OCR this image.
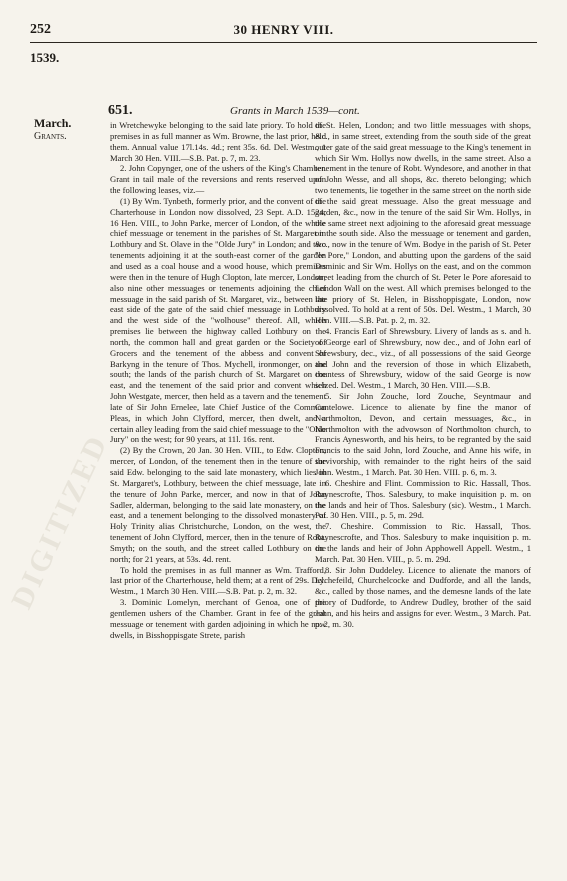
DIGITIZED
252	30 HENRY VIII.
1539.
March.
Grants.
651.	Grants in March 1539—cont.

in Wretchewyke belonging to the said late priory. To hold the premises in as full manner as Wm. Browne, the last prior, held them. Annual value 17l.14s. 4d.; rent 35s. 6d. Del. Westm., 1 March 30 Hen. VIII.—S.B. Pat. p. 7, m. 23.

2. John Copynger, one of the ushers of the King's Chamber. Grant in tail male of the reversions and rents reserved upon the following leases, viz.—

(1) By Wm. Tynbeth, formerly prior, and the convent of the Charterhouse in London now dissolved, 23 Sept. A.D. 1524, 16 Hen. VIII., to John Parke, mercer of London, of the whole chief messuage or tenement in the parishes of St. Margaret in Lothbury and St. Olave in the "Olde Jury" in London; and two tenements adjoining it at the south-east corner of the garden and used as a coal house and a wood house, which premises were then in the tenure of Hugh Clopton, late mercer, London; also nine other messuages or tenements adjoining the chief messuage in the said parish of St. Margaret, viz., between the east side of the gate of the said chief messuage in Lothbury and the west side of the "wolhouse" thereof. All, which premises lie between the highway called Lothbury on the north, the common hall and great garden or the Society of Grocers and the tenement of the abbess and convent of Barkyng in the tenure of Thos. Mychell, ironmonger, on the south; the lands of the parish church of St. Margaret on the east, and the tenement of the said prior and convent which John Westgate, mercer, then held as a tavern and the tenement late of Sir John Ernelee, late Chief Justice of the Common Pleas, in which John Clyfford, mercer, then dwelt, and a certain alley leading from the said chief messuage to the "Olde Jury" on the west; for 90 years, at 11l. 16s. rent.

(2) By the Crown, 20 Jan. 30 Hen. VIII., to Edw. Clopton, mercer, of London, of the tenement then in the tenure of the said Edw. belonging to the said late monastery, which lies in St. Margaret's, Lothbury, between the chief messuage, late in the tenure of John Parke, mercer, and now in that of John Sadler, alderman, belonging to the said late monastery, on the east, and a tenement belonging to the dissolved monastery of Holy Trinity alias Christchurche, London, on the west, the tenement of John Clyfford, mercer, then in the tenure of Robt. Smyth; on the south, and the street called Lothbury on the north; for 21 years, at 53s. 4d. rent.

To hold the premises in as full manner as Wm. Trafford, last prior of the Charterhouse, held them; at a rent of 29s. Del. Westm., 1 March 30 Hen. VIII.—S.B. Pat. p. 2, m. 32.

3. Dominic Lomelyn, merchant of Genoa, one of the gentlemen ushers of the Chamber. Grant in fee of the great messuage or tenement with garden adjoining in which he now dwells, in Bisshoppisgate Strete, parish

of St. Helen, London; and two little messuages with shops, &c., in same street, extending from the south side of the great outer gate of the said great messuage to the King's tenement in which Sir Wm. Hollys now dwells, in the same street. Also a tenement in the tenure of Robt. Wyndesore, and another in that of John Wesse, and all shops, &c. thereto belonging; which two tenements, lie together in the same street on the north side of the said great messuage. Also the great messuage and garden, &c., now in the tenure of the said Sir Wm. Hollys, in the same street next adjoining to the aforesaid great messuage on the south side. Also the messuage or tenement and garden, &c., now in the tenure of Wm. Bodye in the parish of St. Peter "le Pore," London, and abutting upon the gardens of the said Dominic and Sir Wm. Hollys on the east, and on the common street leading from the church of St. Peter le Pore aforesaid to London Wall on the west. All which premises belonged to the late priory of St. Helen, in Bisshoppisgate, London, now dissolved. To hold at a rent of 50s. Del. Westm., 1 March, 30 Hen. VIII.—S.B. Pat. p. 2, m. 32.

4. Francis Earl of Shrewsbury. Livery of lands as s. and h. of George earl of Shrewsbury, now dec., and of John earl of Shrewsbury, dec., viz., of all possessions of the said George and John and the reversion of those in which Elizabeth, countess of Shrewsbury, widow of the said George is now seized. Del. Westm., 1 March, 30 Hen. VIII.—S.B.

5. Sir John Zouche, lord Zouche, Seyntmaur and Cantelowe. Licence to alienate by fine the manor of Northmolton, Devon, and certain messuages, &c., in Northmolton with the advowson of Northmolton church, to Francis Aynesworth, and his heirs, to be regranted by the said Francis to the said John, lord Zouche, and Anne his wife, in survivorship, with remainder to the right heirs of the said John. Westm., 1 March. Pat. 30 Hen. VIII. p. 6, m. 3.

6. Cheshire and Flint. Commission to Ric. Hassall, Thos. Raynescrofte, Thos. Salesbury, to make inquisition p. m. on the lands and heir of Thos. Salesbury (sic). Westm., 1 March. Pat. 30 Hen. VIII., p. 5, m. 29d.

7. Cheshire. Commission to Ric. Hassall, Thos. Raynescrofte, and Thos. Salesbury to make inquisition p. m. on the lands and heir of John Apphowell Appell. Westm., 1 March. Pat. 30 Hen. VIII., p. 5. m. 29d.

8. Sir John Duddeley. Licence to alienate the manors of Lychefeild, Churchelcocke and Dudforde, and all the lands, &c., called by those names, and the demesne lands of the late priory of Dudforde, to Andrew Dudley, brother of the said John, and his heirs and assigns for ever. Westm., 3 March. Pat. p. 2, m. 30.
